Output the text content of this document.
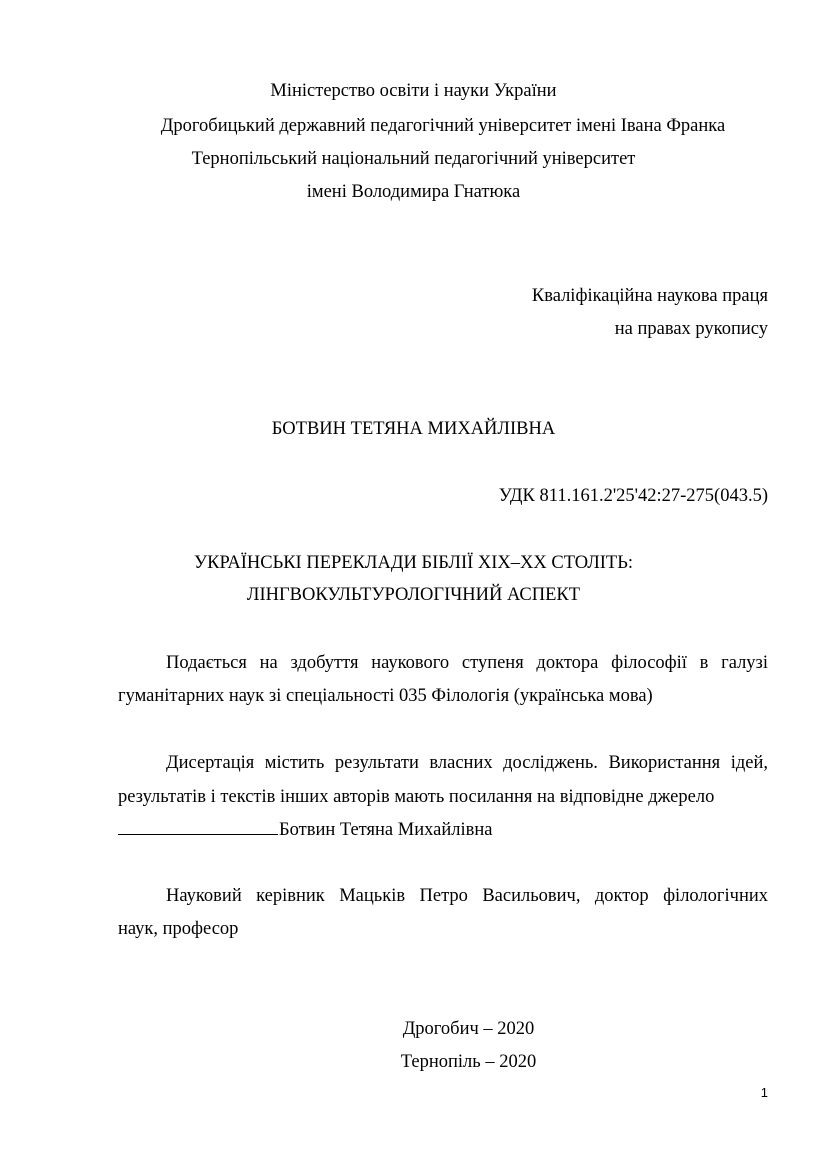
Міністерство освіти і науки України
Дрогобицький державний педагогічний університет імені Івана Франка
Тернопільський національний педагогічний університет
імені Володимира Гнатюка
Кваліфікаційна наукова праця
на правах рукопису
БОТВИН ТЕТЯНА МИХАЙЛІВНА
УДК 811.161.2'25'42:27-275(043.5)
УКРАЇНСЬКІ ПЕРЕКЛАДИ БІБЛІЇ ХІХ–ХХ СТОЛІТЬ:
ЛІНГВОКУЛЬТУРОЛОГІЧНИЙ АСПЕКТ
Подається на здобуття наукового ступеня доктора філософії в галузі
гуманітарних наук зі спеціальності 035 Філологія (українська мова)
Дисертація містить результати власних досліджень. Використання ідей,
результатів і текстів інших авторів мають посилання на відповідне джерело
Ботвин Тетяна Михайлівна
Науковий керівник Мацьків Петро Васильович, доктор філологічних
наук, професор
Дрогобич – 2020
Тернопіль – 2020
1
